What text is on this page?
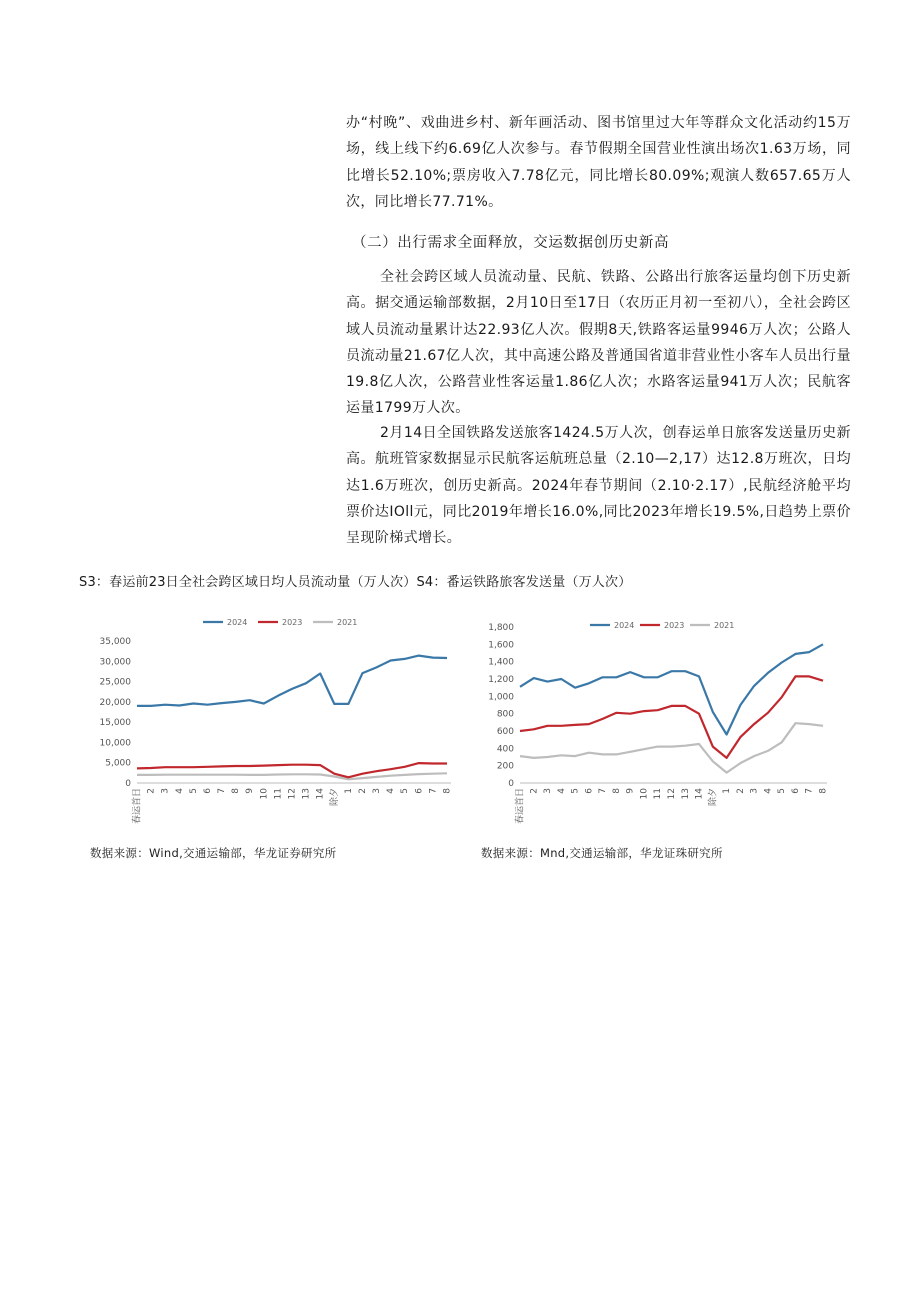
办“村晚”、戏曲进乡村、新年画活动、图书馆里过大年等群众文化活动约15万场，线上线下约6.69亿人次参与。春节假期全国营业性演出场次1.63万场，同比增长52.10%;票房收入7.78亿元，同比增长80.09%;观演人数657.65万人次，同比增长77.71%。
（二）出行需求全面释放，交运数据创历史新高
全社会跨区域人员流动量、民航、铁路、公路出行旅客运量均创下历史新高。据交通运输部数据，2月10日至17日（农历正月初一至初八），全社会跨区域人员流动量累计达22.93亿人次。假期8天,铁路客运量9946万人次；公路人员流动量21.67亿人次，其中高速公路及普通国省道非营业性小客车人员出行量19.8亿人次，公路营业性客运量1.86亿人次；水路客运量941万人次；民航客运量1799万人次。
2月14日全国铁路发送旅客1424.5万人次，创春运单日旅客发送量历史新高。航班管家数据显示民航客运航班总量（2.10—2,17）达12.8万班次，日均达1.6万班次，创历史新高。2024年春节期间（2.10·2.17）,民航经济舱平均票价达IOll元，同比2019年增长16.0%,同比2023年增长19.5%,日趋势上票价呈现阶梯式增长。
S3：春运前23日全社会跨区域日均人员流动量（万人次）S4：番运铁路旅客发送量（万人次）
2024	2023	2021
0
5,000
10,000
15,000
20,000
25,000
30,000
35,000
春运首日 2 3 4 5 6 7 8 9 10 11 12 13 14 除夕 1 2 3 4 5 6 7 8
2024	2023	2021
0
200
400
600
800
1,000
1,200
1,400
1,600
1,800
春运首日 2 3 4 5 6 7 8 9 10 11 12 13 14 除夕 1 2 3 4 5 6 7 8
数据来源：Wind,交通运输部，华龙证券研究所	数据来源：Mnd,交通运输部，华龙证珠研究所
